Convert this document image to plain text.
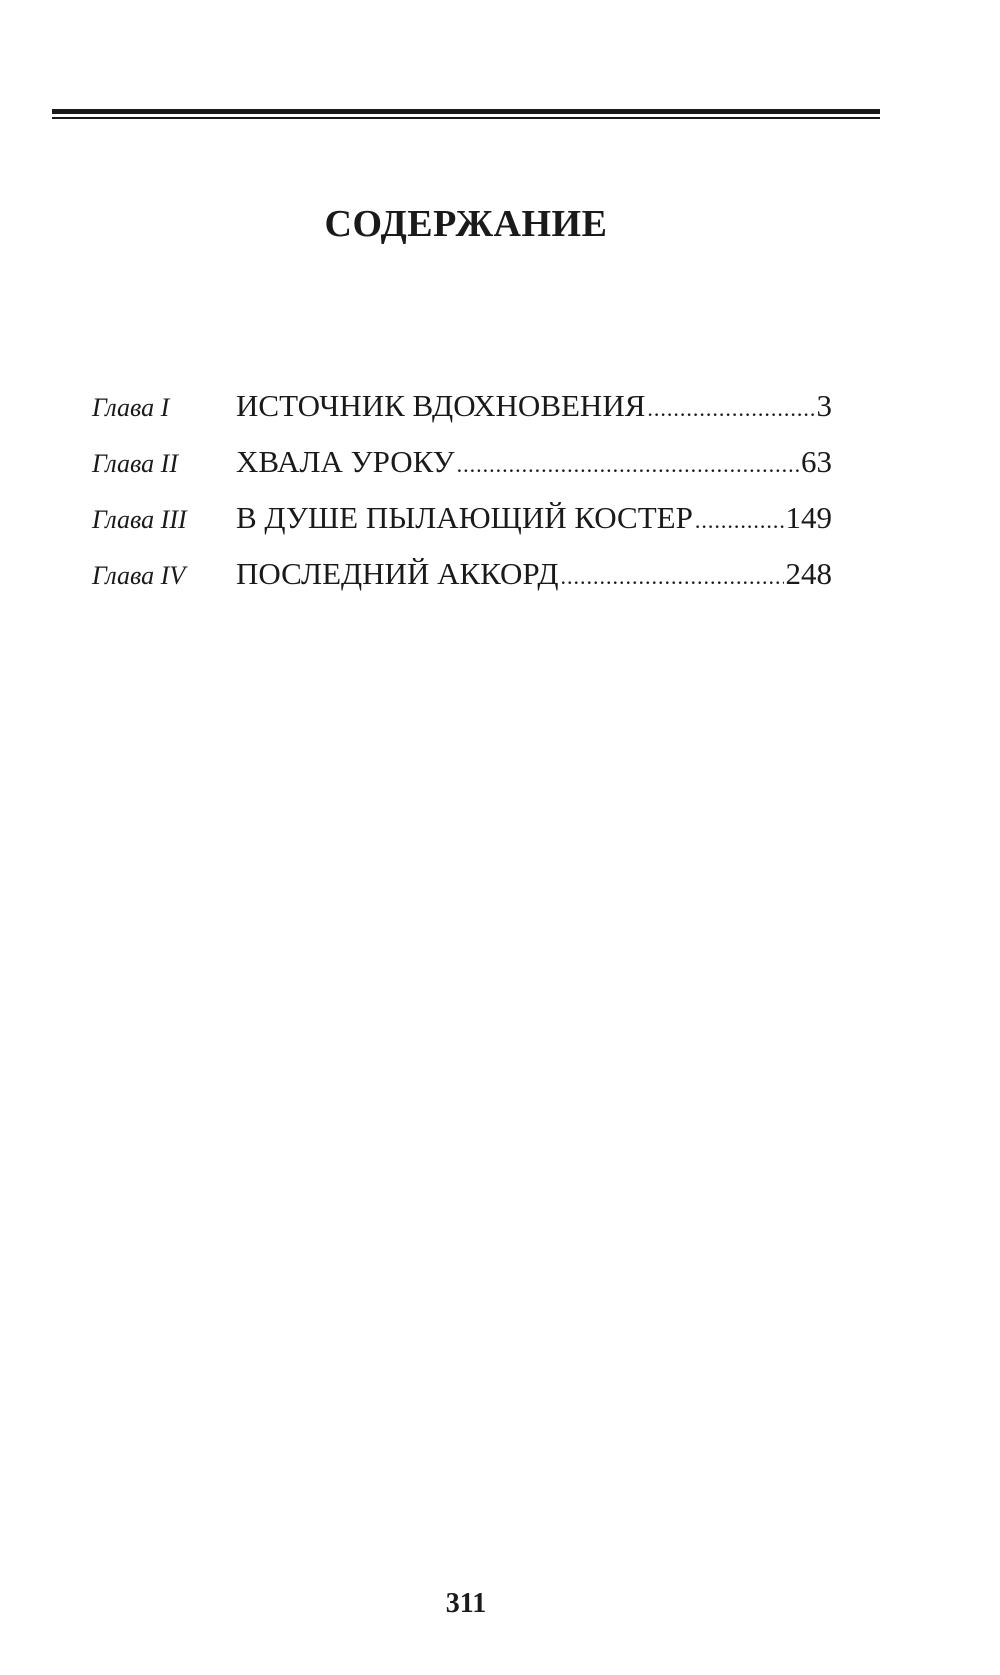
СОДЕРЖАНИЕ
Глава I	ИСТОЧНИК ВДОХНОВЕНИЯ .....	3
Глава II	ХВАЛА УРОКУ .....	63
Глава III	В ДУШЕ ПЫЛАЮЩИЙ КОСТЕР .....	149
Глава IV	ПОСЛЕДНИЙ АККОРД .....	248
311
